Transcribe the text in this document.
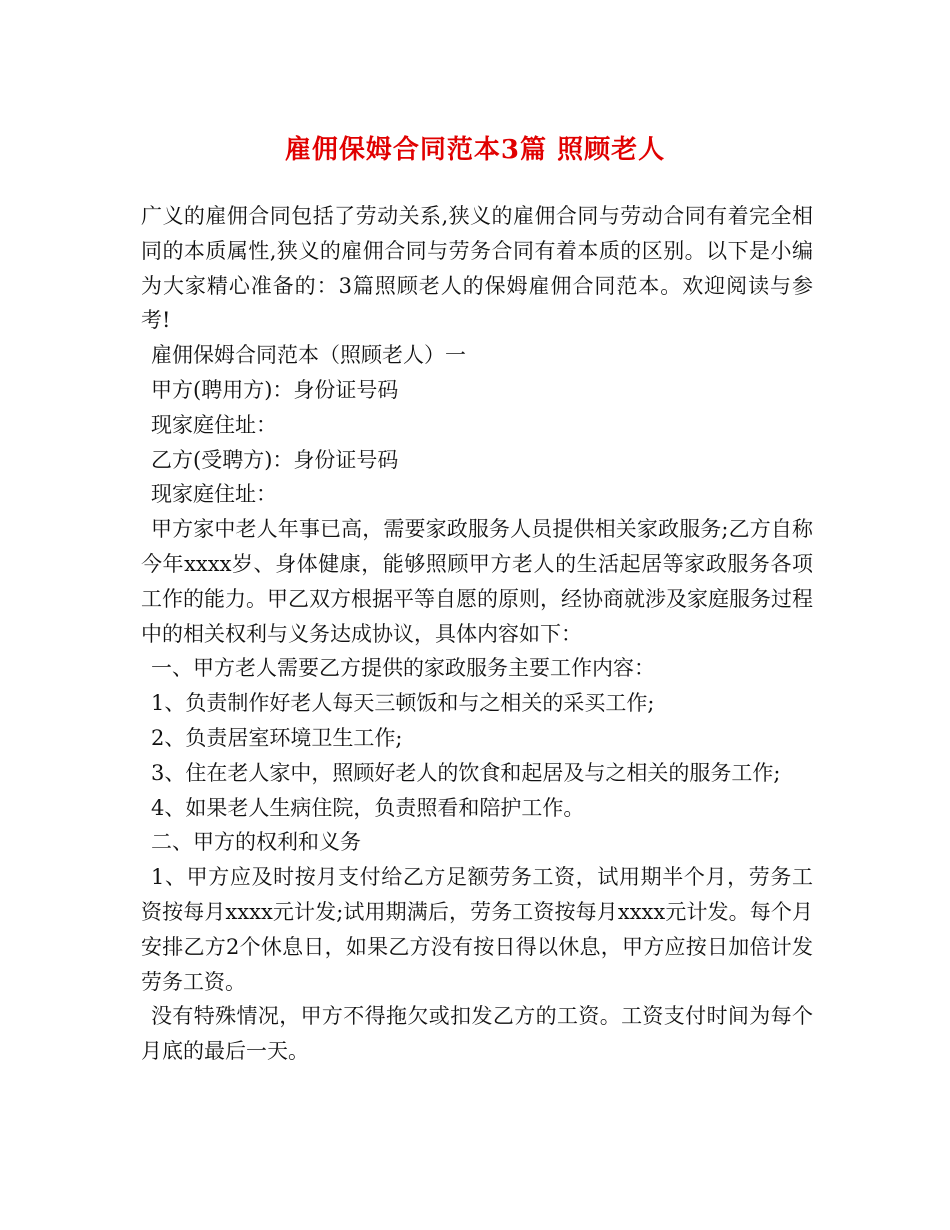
雇佣保姆合同范本3篇 照顾老人

广义的雇佣合同包括了劳动关系,狭义的雇佣合同与劳动合同有着完全相同的本质属性,狭义的雇佣合同与劳务合同有着本质的区别。以下是小编为大家精心准备的：3篇照顾老人的保姆雇佣合同范本。欢迎阅读与参考!

雇佣保姆合同范本（照顾老人）一

甲方(聘用方)：身份证号码

现家庭住址：

乙方(受聘方)：身份证号码

现家庭住址：

甲方家中老人年事已高，需要家政服务人员提供相关家政服务;乙方自称今年xxxx岁、身体健康，能够照顾甲方老人的生活起居等家政服务各项工作的能力。甲乙双方根据平等自愿的原则，经协商就涉及家庭服务过程中的相关权利与义务达成协议，具体内容如下：

一、甲方老人需要乙方提供的家政服务主要工作内容：

1、负责制作好老人每天三顿饭和与之相关的采买工作;

2、负责居室环境卫生工作;

3、住在老人家中，照顾好老人的饮食和起居及与之相关的服务工作;

4、如果老人生病住院，负责照看和陪护工作。

二、甲方的权利和义务

1、甲方应及时按月支付给乙方足额劳务工资，试用期半个月，劳务工资按每月xxxx元计发;试用期满后，劳务工资按每月xxxx元计发。每个月安排乙方2个休息日，如果乙方没有按日得以休息，甲方应按日加倍计发劳务工资。

没有特殊情况，甲方不得拖欠或扣发乙方的工资。工资支付时间为每个月底的最后一天。
